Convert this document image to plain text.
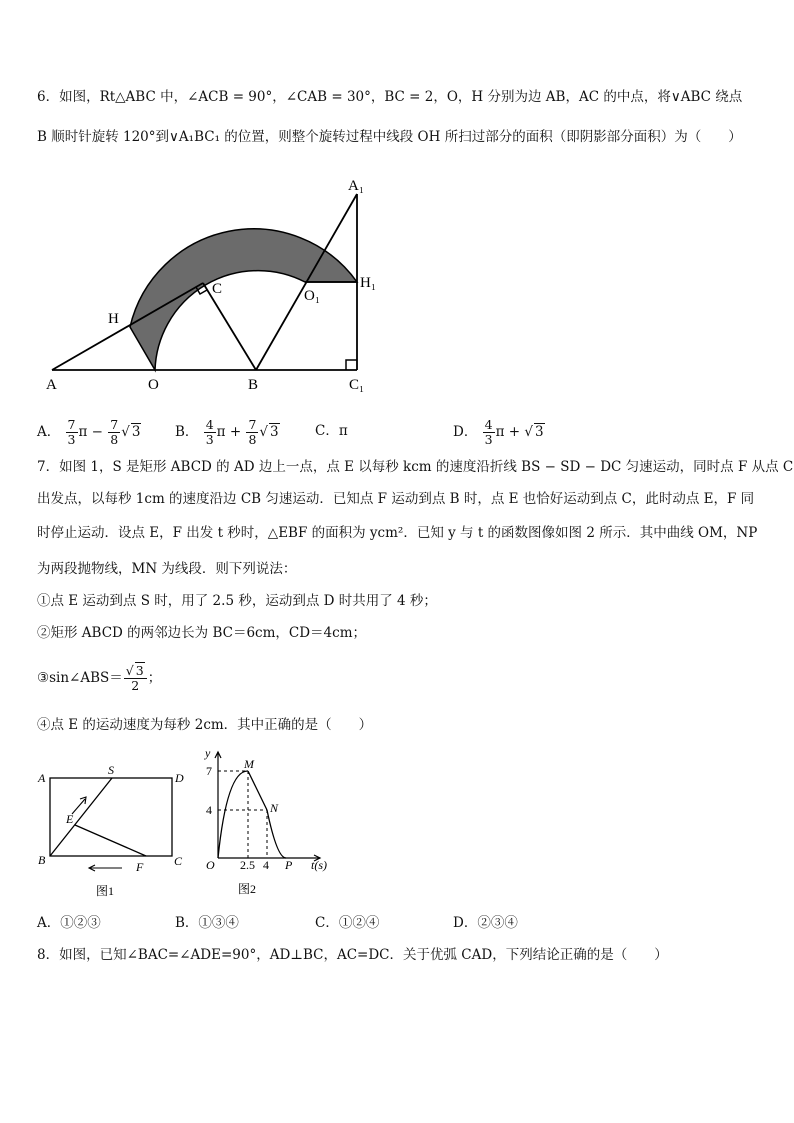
6．如图，Rt△ABC 中，∠ACB = 90°，∠CAB = 30°，BC = 2，O，H 分别为边 AB，AC 的中点，将∨ABC 绕点
B 顺时针旋转 120°到∨A₁BC₁ 的位置，则整个旋转过程中线段 OH 所扫过部分的面积（即阴影部分面积）为（　　）
A₁
H₁
C	O₁
H
A	O	B	C₁
A． $\frac{7}{3}$ $\pi - \frac{7}{8}$ √ 3	B． $\frac{4}{3}$ $\pi + \frac{7}{8}$ √ 3	C．π	D． $\frac{4}{3}$ π + √ 3
7．如图 1，S 是矩形 ABCD 的 AD 边上一点，点 E 以每秒 kcm 的速度沿折线 BS − SD − DC 匀速运动，同时点 F 从点 C
出发点，以每秒 1cm 的速度沿边 CB 匀速运动．已知点 F 运动到点 B 时，点 E 也恰好运动到点 C，此时动点 E，F 同
时停止运动．设点 E，F 出发 t 秒时，△EBF 的面积为 ycm²．已知 y 与 t 的函数图像如图 2 所示．其中曲线 OM，NP
为两段抛物线，MN 为线段．则下列说法：
①点 E 运动到点 S 时，用了 2.5 秒，运动到点 D 时共用了 4 秒；
②矩形 ABCD 的两邻边长为 BC＝6cm，CD＝4cm；
③sin∠ABS＝ $\frac{√ 3}{2}$ ；
④点 E 的运动速度为每秒 2cm．其中正确的是（　　）
A
S
D
E
B	F	C
图1
y
M
7
4	N
O 2.5 4 P t(s)
图2
A．①②③	B．①③④	C．①②④	D．②③④
8．如图，已知∠BAC=∠ADE=90°，AD⊥BC，AC=DC．关于优弧 CAD，下列结论正确的是（　　）
